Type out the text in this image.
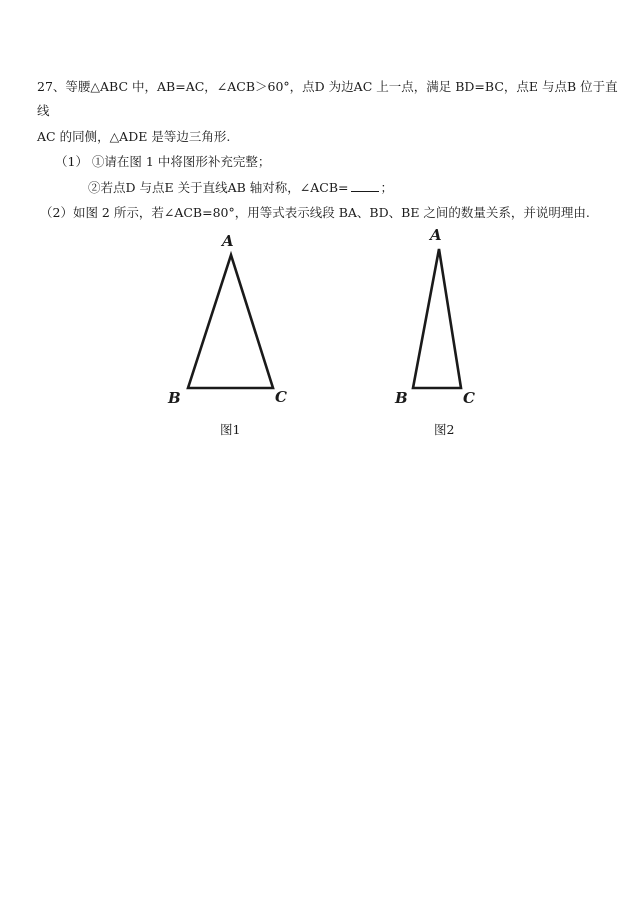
27、等腰△ABC 中，AB=AC，∠ACB＞60°，点D 为边AC 上一点，满足 BD=BC，点E 与点B 位于直
线
AC 的同侧，△ADE 是等边三角形.
（1） ①请在图 1 中将图形补充完整；
②若点D 与点E 关于直线AB 轴对称，∠ACB=	；
（2）如图 2 所示，若∠ACB=80°，用等式表示线段 BA、BD、BE 之间的数量关系，并说明理由.
A
B	C
图1
A
B	C
图2
